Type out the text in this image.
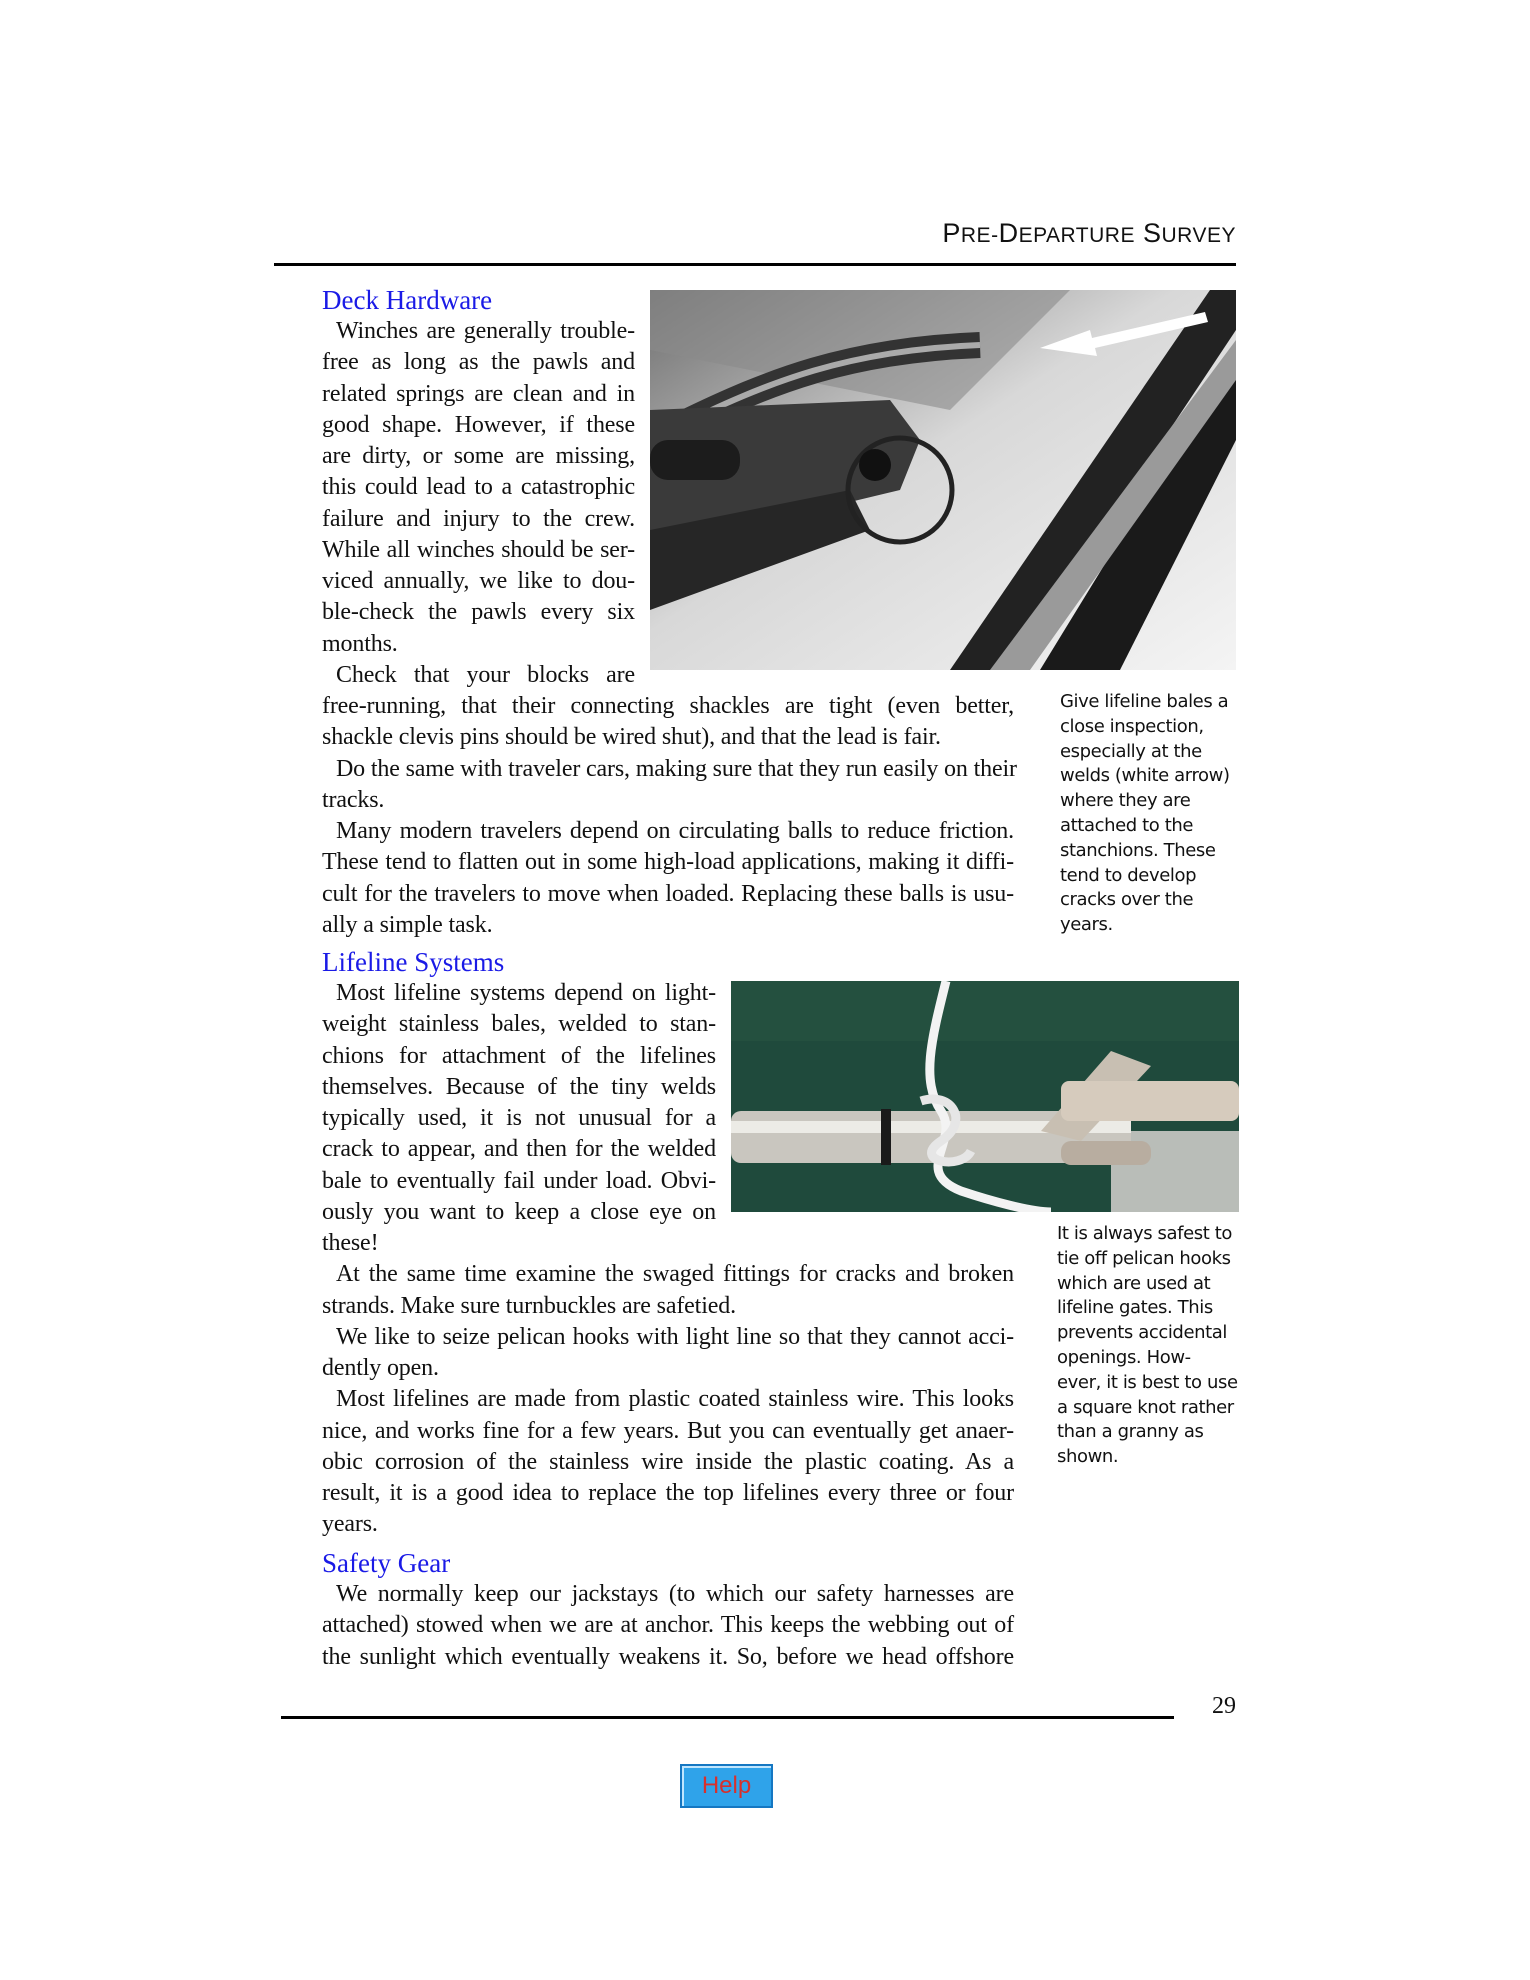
PRE-DEPARTURE SURVEY
Deck Hardware
Winches are generally trouble-
free as long as the pawls and
related springs are clean and in
good shape. However, if these
are dirty, or some are missing,
this could lead to a catastrophic
failure and injury to the crew.
While all winches should be ser-
viced annually, we like to dou-
ble-check the pawls every six
months.
Check that your blocks are
free-running, that their connecting shackles are tight (even better,
shackle clevis pins should be wired shut), and that the lead is fair.
Do the same with traveler cars, making sure that they run easily on their
tracks.
Many modern travelers depend on circulating balls to reduce friction.
These tend to flatten out in some high-load applications, making it diffi-
cult for the travelers to move when loaded. Replacing these balls is usu-
ally a simple task.
Lifeline Systems
Most lifeline systems depend on light-
weight stainless bales, welded to stan-
chions for attachment of the lifelines
themselves. Because of the tiny welds
typically used, it is not unusual for a
crack to appear, and then for the welded
bale to eventually fail under load. Obvi-
ously you want to keep a close eye on
these!
At the same time examine the swaged fittings for cracks and broken
strands. Make sure turnbuckles are safetied.
We like to seize pelican hooks with light line so that they cannot acci-
dently open.
Most lifelines are made from plastic coated stainless wire. This looks
nice, and works fine for a few years. But you can eventually get anaer-
obic corrosion of the stainless wire inside the plastic coating. As a
result, it is a good idea to replace the top lifelines every three or four
years.
Safety Gear
We normally keep our jackstays (to which our safety harnesses are
attached) stowed when we are at anchor. This keeps the webbing out of
the sunlight which eventually weakens it. So, before we head offshore
Give lifeline bales a
close inspection,
especially at the
welds (white arrow)
where they are
attached to the
stanchions. These
tend to develop
cracks over the
years.
It is always safest to
tie off pelican hooks
which are used at
lifeline gates. This
prevents accidental
openings. How-
ever, it is best to use
a square knot rather
than a granny as
shown.
29
Help
